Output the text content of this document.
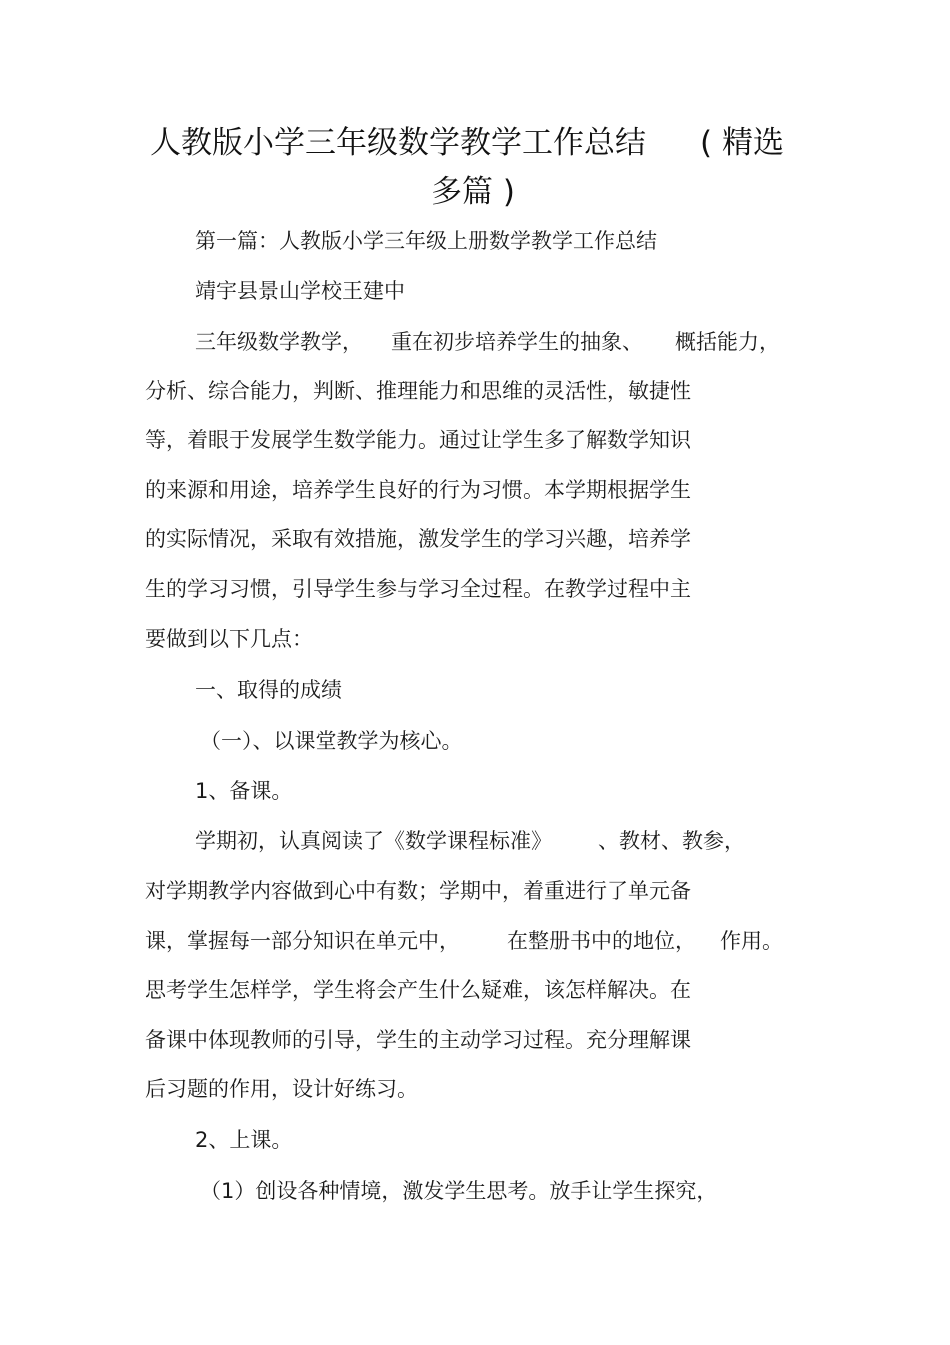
人教版小学三年级数学教学工作总结 ( 精选
多篇 )
第一篇：人教版小学三年级上册数学教学工作总结
靖宇县景山学校王建中
三年级数学教学， 重在初步培养学生的抽象、 概括能力，
分析、综合能力，判断、推理能力和思维的灵活性，敏捷性
等，着眼于发展学生数学能力。通过让学生多了解数学知识
的来源和用途，培养学生良好的行为习惯。本学期根据学生
的实际情况，采取有效措施，激发学生的学习兴趣，培养学
生的学习习惯，引导学生参与学习全过程。在教学过程中主
要做到以下几点：
一、取得的成绩
（一）、以课堂教学为核心。
1、备课。
学期初，认真阅读了《数学课程标准》 、教材、教参，
对学期教学内容做到心中有数；学期中，着重进行了单元备
课，掌握每一部分知识在单元中， 在整册书中的地位， 作用。
思考学生怎样学，学生将会产生什么疑难，该怎样解决。在
备课中体现教师的引导，学生的主动学习过程。充分理解课
后习题的作用，设计好练习。
2、上课。
（1）创设各种情境，激发学生思考。放手让学生探究，
